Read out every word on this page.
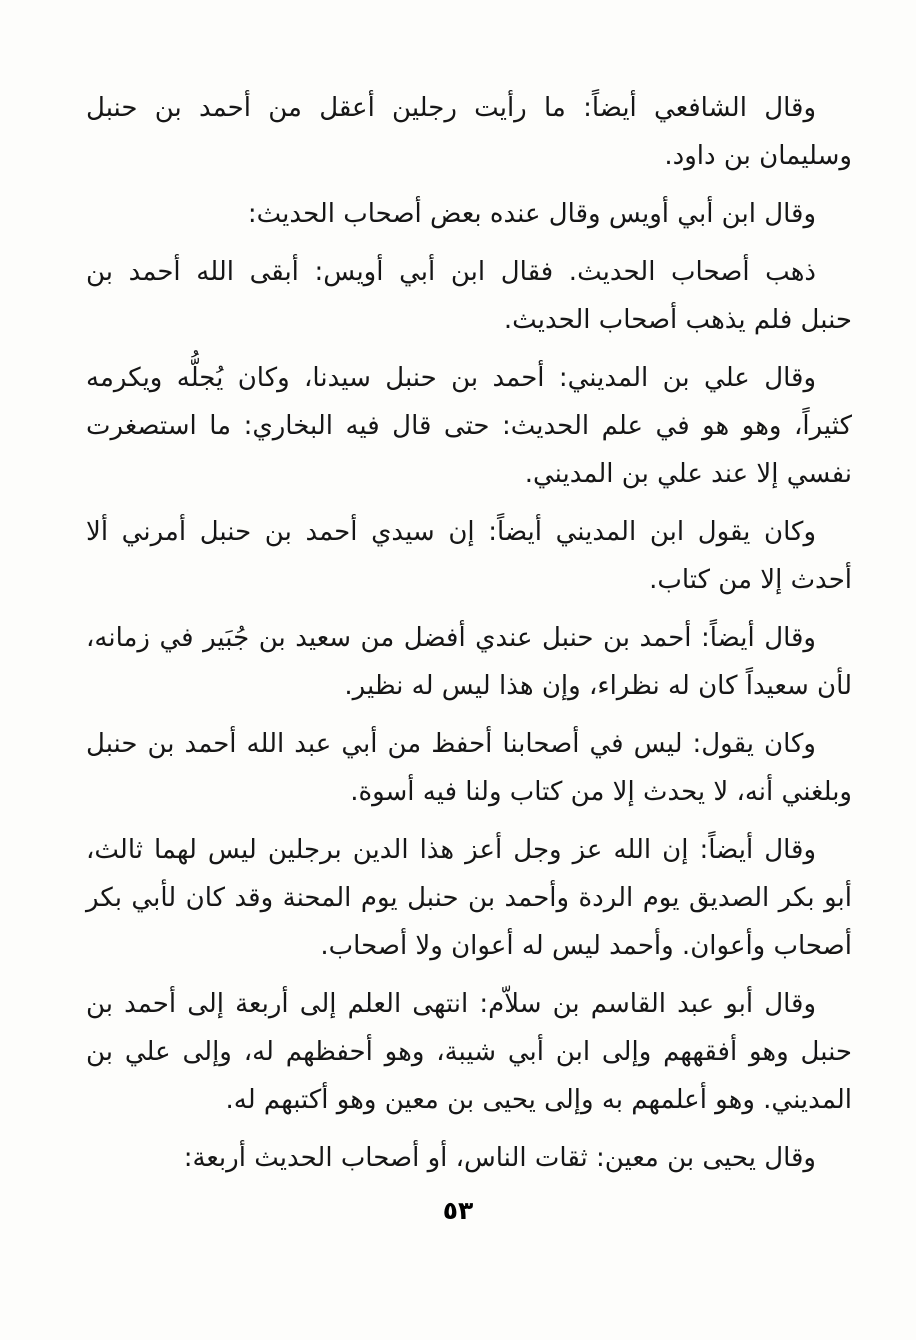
وقال الشافعي أيضاً: ما رأيت رجلين أعقل من أحمد بن حنبل
وسليمان بن داود.
وقال ابن أبي أويس وقال عنده بعض أصحاب الحديث:
ذهب أصحاب الحديث. فقال ابن أبي أويس: أبقى الله أحمد بن
حنبل فلم يذهب أصحاب الحديث.
وقال علي بن المديني: أحمد بن حنبل سيدنا، وكان يُجلُّه ويكرمه
كثيراً، وهو هو في علم الحديث: حتى قال فيه البخاري: ما استصغرت
نفسي إلا عند علي بن المديني.
وكان يقول ابن المديني أيضاً: إن سيدي أحمد بن حنبل أمرني ألا
أحدث إلا من كتاب.
وقال أيضاً: أحمد بن حنبل عندي أفضل من سعيد بن جُبَير في زمانه،
لأن سعيداً كان له نظراء، وإن هذا ليس له نظير.
وكان يقول: ليس في أصحابنا أحفظ من أبي عبد الله أحمد بن حنبل
وبلغني أنه، لا يحدث إلا من كتاب ولنا فيه أسوة.
وقال أيضاً: إن الله عز وجل أعز هذا الدين برجلين ليس لهما ثالث،
أبو بكر الصديق يوم الردة وأحمد بن حنبل يوم المحنة وقد كان لأبي بكر
أصحاب وأعوان. وأحمد ليس له أعوان ولا أصحاب.
وقال أبو عبد القاسم بن سلاّم: انتهى العلم إلى أربعة إلى أحمد بن
حنبل وهو أفقههم وإلى ابن أبي شيبة، وهو أحفظهم له، وإلى علي بن
المديني. وهو أعلمهم به وإلى يحيى بن معين وهو أكتبهم له.
وقال يحيى بن معين: ثقات الناس، أو أصحاب الحديث أربعة:
٥٣
